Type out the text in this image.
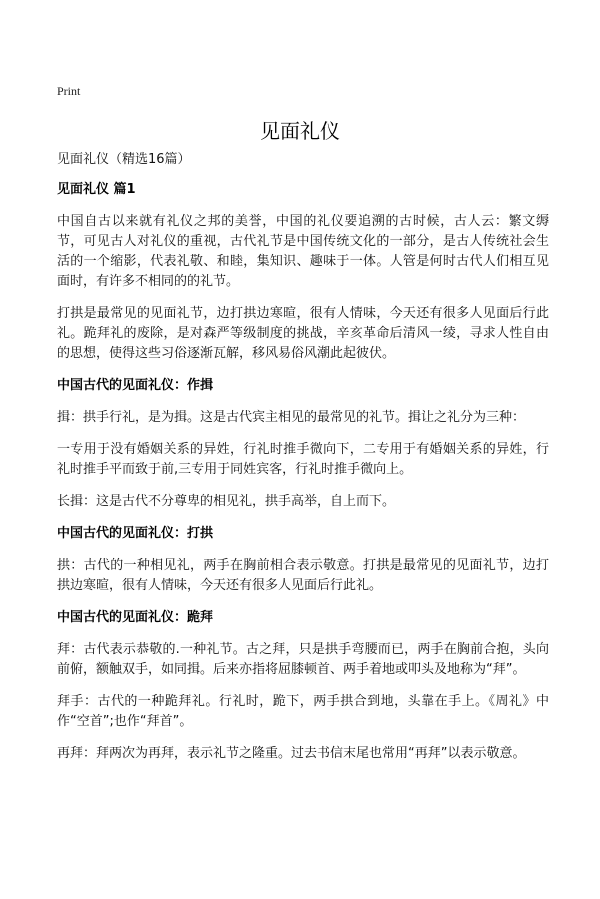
Print
见面礼仪

见面礼仪（精选16篇）

见面礼仪 篇1

中国自古以来就有礼仪之邦的美誉，中国的礼仪要追溯的古时候，古人云：繁文缛节，可见古人对礼仪的重视，古代礼节是中国传统文化的一部分，是古人传统社会生活的一个缩影，代表礼敬、和睦，集知识、趣味于一体。人管是何时古代人们相互见面时，有许多不相同的的礼节。

打拱是最常见的见面礼节，边打拱边寒暄，很有人情味，今天还有很多人见面后行此礼。跪拜礼的废除，是对森严等级制度的挑战，辛亥革命后清风一绫，寻求人性自由的思想，使得这些习俗逐渐瓦解，移风易俗风潮此起彼伏。

中国古代的见面礼仪：作揖

揖：拱手行礼，是为揖。这是古代宾主相见的最常见的礼节。揖让之礼分为三种：

一专用于没有婚姻关系的异姓，行礼时推手微向下，二专用于有婚姻关系的异姓，行礼时推手平而致于前,三专用于同姓宾客，行礼时推手微向上。

长揖：这是古代不分尊卑的相见礼，拱手高举，自上而下。

中国古代的见面礼仪：打拱

拱：古代的一种相见礼，两手在胸前相合表示敬意。打拱是最常见的见面礼节，边打拱边寒暄，很有人情味，今天还有很多人见面后行此礼。

中国古代的见面礼仪：跪拜

拜：古代表示恭敬的.一种礼节。古之拜，只是拱手弯腰而已，两手在胸前合抱，头向前俯，额触双手，如同揖。后来亦指将屈膝顿首、两手着地或叩头及地称为“拜”。

拜手：古代的一种跪拜礼。行礼时，跪下，两手拱合到地，头靠在手上。《周礼》中作“空首”;也作“拜首”。

再拜：拜两次为再拜，表示礼节之隆重。过去书信末尾也常用“再拜”以表示敬意。
